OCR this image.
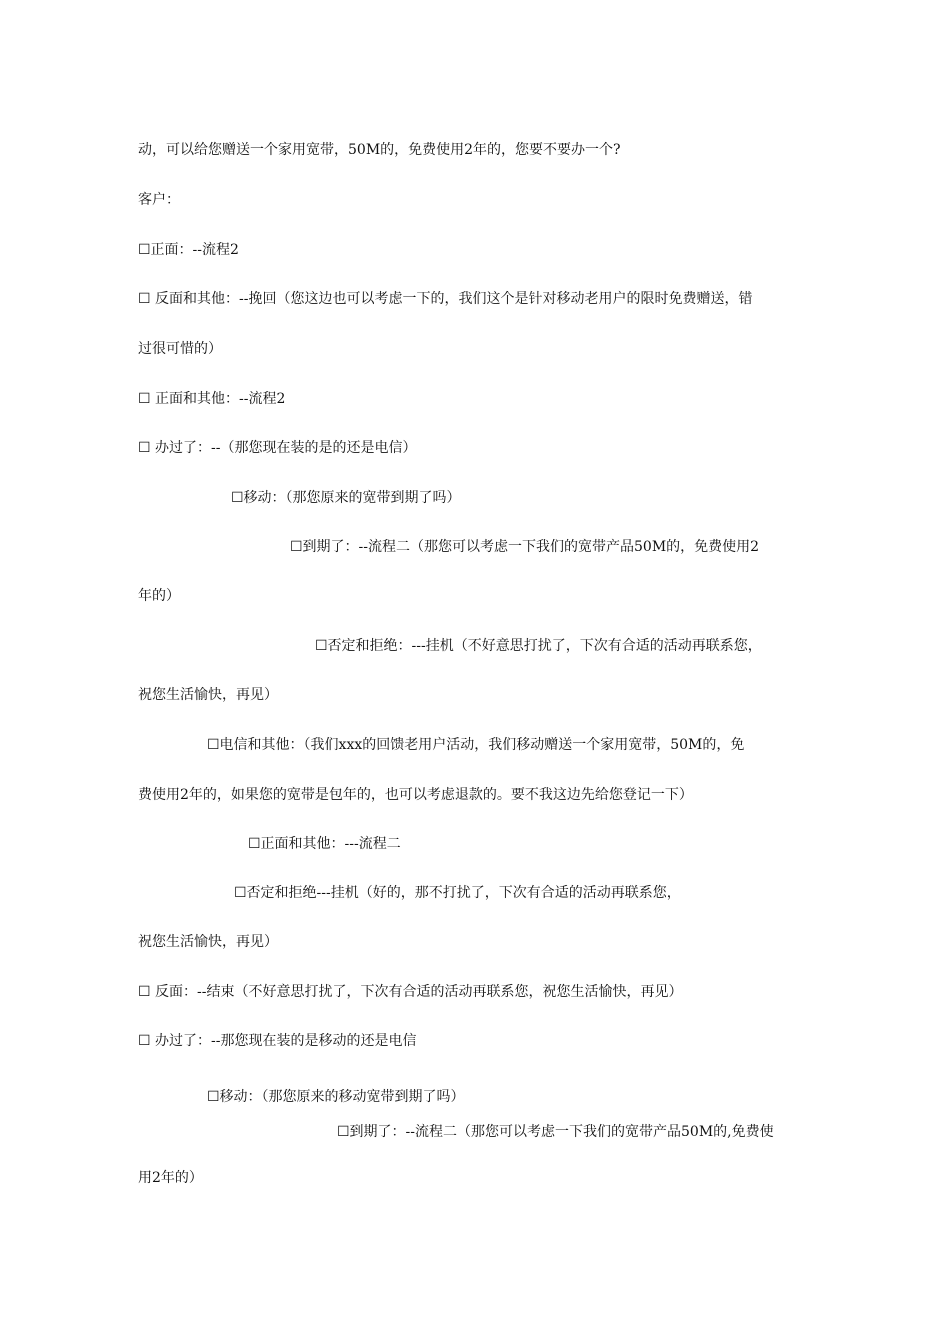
动，可以给您赠送一个家用宽带，50M的，免费使用2年的，您要不要办一个?
客户：
☐正面：--流程2
☐ 反面和其他：--挽回（您这边也可以考虑一下的，我们这个是针对移动老用户的限时免费赠送，错
过很可惜的）
☐ 正面和其他：--流程2
☐ 办过了：--（那您现在装的是的还是电信）
☐移动：（那您原来的宽带到期了吗）
☐到期了：--流程二（那您可以考虑一下我们的宽带产品50M的，免费使用2
年的）
☐否定和拒绝：---挂机（不好意思打扰了，下次有合适的活动再联系您，
祝您生活愉快，再见）
☐电信和其他：（我们xxx的回馈老用户活动，我们移动赠送一个家用宽带，50M的，免
费使用2年的，如果您的宽带是包年的，也可以考虑退款的。要不我这边先给您登记一下）
☐正面和其他：---流程二
☐否定和拒绝---挂机（好的，那不打扰了，下次有合适的活动再联系您，
祝您生活愉快，再见）
☐ 反面：--结束（不好意思打扰了，下次有合适的活动再联系您，祝您生活愉快，再见）
☐ 办过了：--那您现在装的是移动的还是电信
☐移动：（那您原来的移动宽带到期了吗）
☐到期了：--流程二（那您可以考虑一下我们的宽带产品50M的,免费使
用2年的）
